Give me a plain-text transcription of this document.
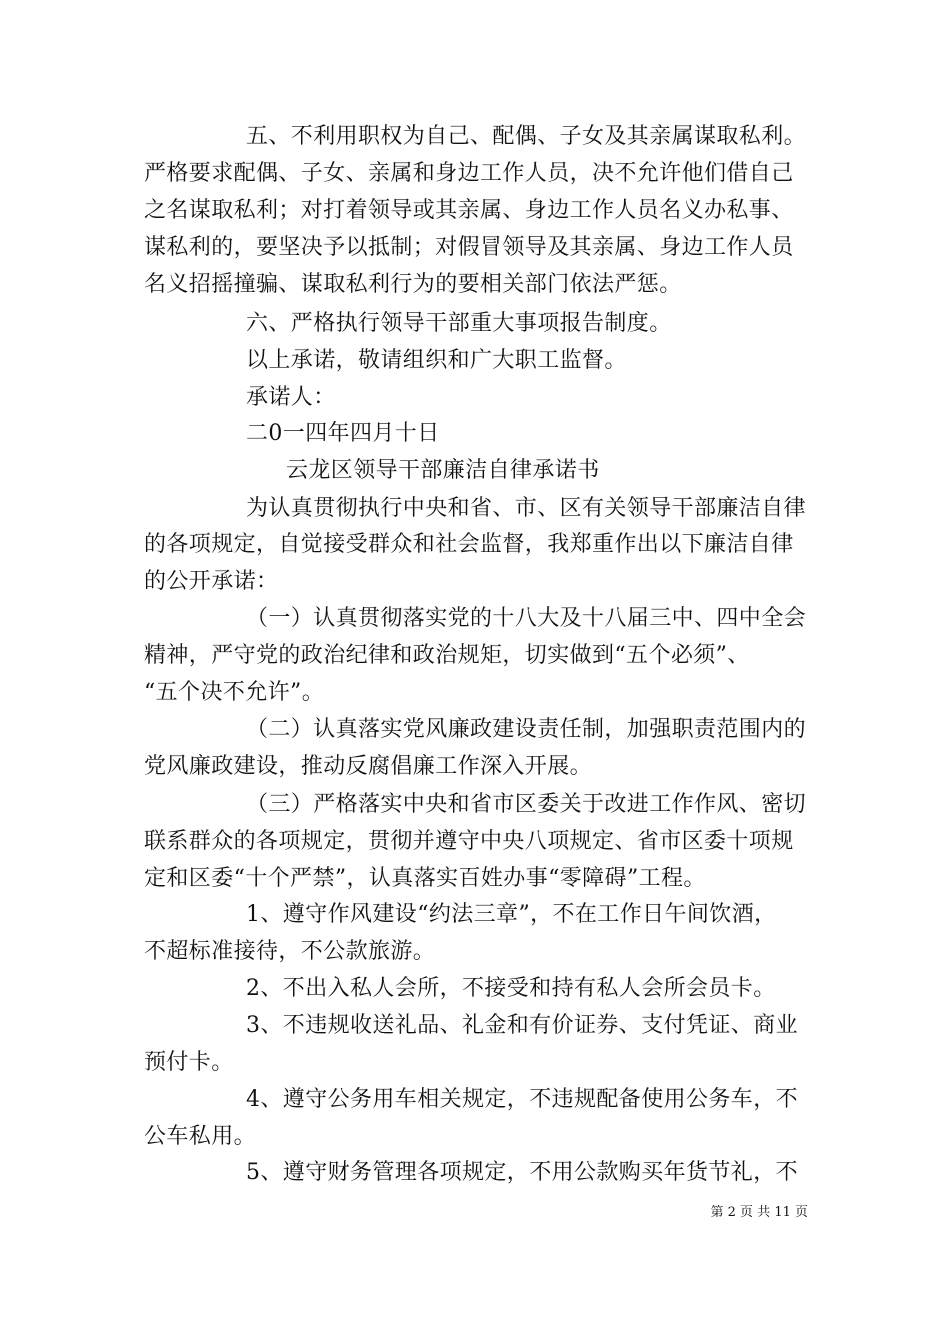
五、不利用职权为自己、配偶、子女及其亲属谋取私利。
严格要求配偶、子女、亲属和身边工作人员，决不允许他们借自己
之名谋取私利；对打着领导或其亲属、身边工作人员名义办私事、
谋私利的，要坚决予以抵制；对假冒领导及其亲属、身边工作人员
名义招摇撞骗、谋取私利行为的要相关部门依法严惩。
六、严格执行领导干部重大事项报告制度。
以上承诺，敬请组织和广大职工监督。
承诺人：
二0一四年四月十日
云龙区领导干部廉洁自律承诺书
为认真贯彻执行中央和省、市、区有关领导干部廉洁自律
的各项规定，自觉接受群众和社会监督，我郑重作出以下廉洁自律
的公开承诺：
（一）认真贯彻落实党的十八大及十八届三中、四中全会
精神，严守党的政治纪律和政治规矩，切实做到“五个必须”、
“五个决不允许”。
（二）认真落实党风廉政建设责任制，加强职责范围内的
党风廉政建设，推动反腐倡廉工作深入开展。
（三）严格落实中央和省市区委关于改进工作作风、密切
联系群众的各项规定，贯彻并遵守中央八项规定、省市区委十项规
定和区委“十个严禁”，认真落实百姓办事“零障碍”工程。
1、遵守作风建设“约法三章”，不在工作日午间饮酒，
不超标准接待，不公款旅游。
2、不出入私人会所，不接受和持有私人会所会员卡。
3、不违规收送礼品、礼金和有价证券、支付凭证、商业
预付卡。
4、遵守公务用车相关规定，不违规配备使用公务车，不
公车私用。
5、遵守财务管理各项规定，不用公款购买年货节礼，不
第 2 页 共 11 页
